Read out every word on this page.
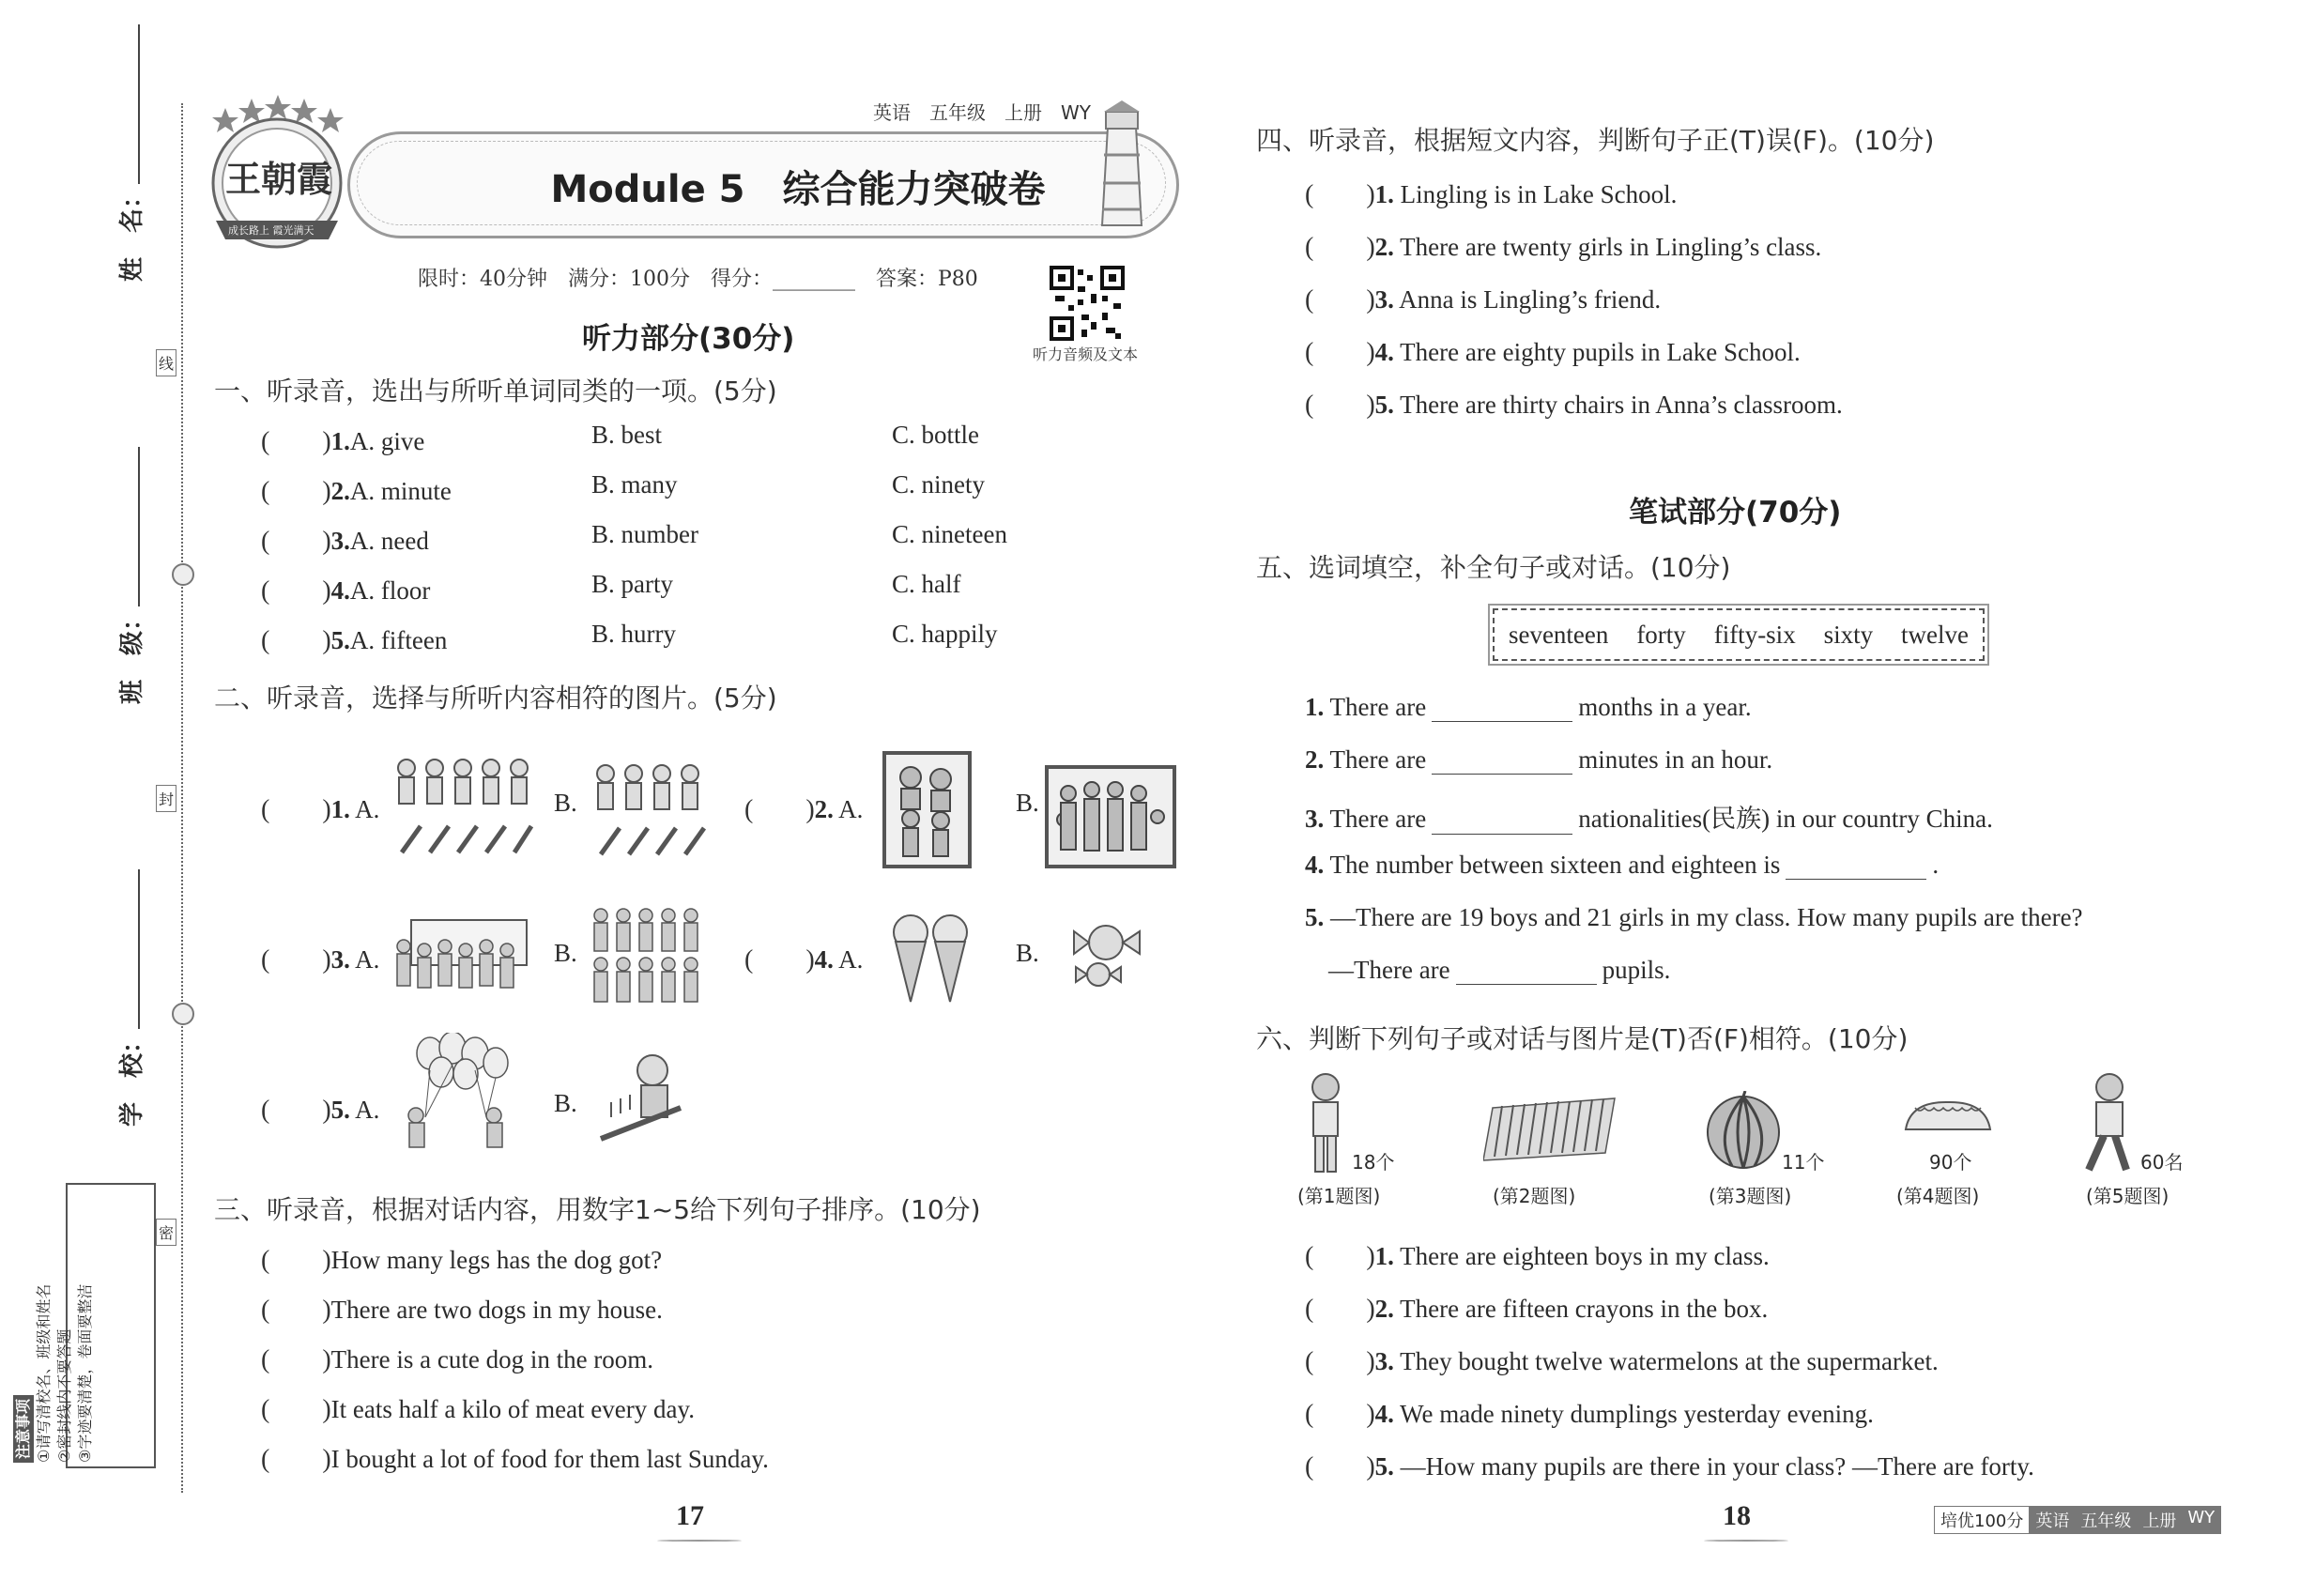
线
封
密
姓　名：
班　级：
学　校：
注意事项 ①请写清校名、班级和姓名 ②密封线内不要答题 ③字迹要清楚，卷面要整洁
王朝霞
成长路上 霞光满天
Module 5　综合能力突破卷
英语　五年级　上册　WY
限时：40分钟　满分：100分　得分：________　答案：P80
听力音频及文本
听力部分(30分)
一、听录音，选出与所听单词同类的一项。(5分)
(　　)1.A. give	B. best	C. bottle
(　　)2.A. minute	B. many	C. ninety
(　　)3.A. need	B. number	C. nineteen
(　　)4.A. floor	B. party	C. half
(　　)5.A. fifteen	B. hurry	C. happily
二、听录音，选择与所听内容相符的图片。(5分)
(　　)1. A.	B.	(　　)2. A.	B.
(　　)3. A.	B.	(　　)4. A.	B.
(　　)5. A.	B.
三、听录音，根据对话内容，用数字1~5给下列句子排序。(10分)
(　　)How many legs has the dog got?
(　　)There are two dogs in my house.
(　　)There is a cute dog in the room.
(　　)It eats half a kilo of meat every day.
(　　)I bought a lot of food for them last Sunday.
17
四、听录音，根据短文内容，判断句子正(T)误(F)。(10分)
(　　)1. Lingling is in Lake School.
(　　)2. There are twenty girls in Lingling’s class.
(　　)3. Anna is Lingling’s friend.
(　　)4. There are eighty pupils in Lake School.
(　　)5. There are thirty chairs in Anna’s classroom.
笔试部分(70分)
五、选词填空，补全句子或对话。(10分)
seventeen forty fifty-six sixty twelve
1. There are	months in a year.
2. There are	minutes in an hour.
3. There are	nationalities(民族) in our country China.
4. The number between sixteen and eighteen is	.
5. —There are 19 boys and 21 girls in my class. How many pupils are there?
—There are	pupils.
六、判断下列句子或对话与图片是(T)否(F)相符。(10分)
18个	11个	90个	60名
(第1题图)	(第2题图)	(第3题图)	(第4题图)	(第5题图)
(　　)1. There are eighteen boys in my class.
(　　)2. There are fifteen crayons in the box.
(　　)3. They bought twelve watermelons at the supermarket.
(　　)4. We made ninety dumplings yesterday evening.
(　　)5. —How many pupils are there in your class? —There are forty.
18	培优100分 英语 五年级 上册 WY
